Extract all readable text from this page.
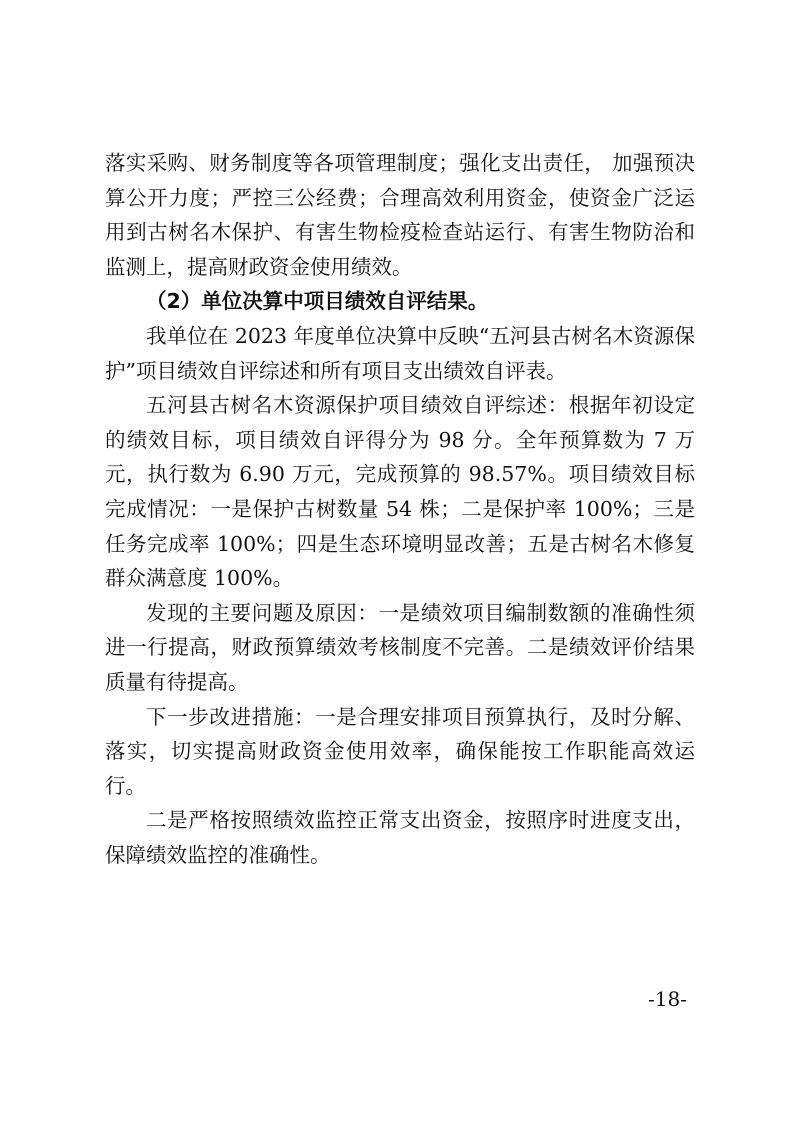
落实采购、财务制度等各项管理制度；强化支出责任， 加强预决算公开力度；严控三公经费；合理高效利用资金，使资金广泛运用到古树名木保护、有害生物检疫检查站运行、有害生物防治和监测上，提高财政资金使用绩效。

（2）单位决算中项目绩效自评结果。

我单位在 2023 年度单位决算中反映“五河县古树名木资源保护”项目绩效自评综述和所有项目支出绩效自评表。

五河县古树名木资源保护项目绩效自评综述：根据年初设定的绩效目标，项目绩效自评得分为 98 分。全年预算数为 7 万元，执行数为 6.90 万元，完成预算的 98.57%。项目绩效目标完成情况：一是保护古树数量 54 株；二是保护率 100%；三是任务完成率 100%；四是生态环境明显改善；五是古树名木修复群众满意度 100%。

发现的主要问题及原因：一是绩效项目编制数额的准确性须进一行提高，财政预算绩效考核制度不完善。二是绩效评价结果质量有待提高。

下一步改进措施：一是合理安排项目预算执行，及时分解、落实，切实提高财政资金使用效率，确保能按工作职能高效运行。

二是严格按照绩效监控正常支出资金，按照序时进度支出，保障绩效监控的准确性。

-18-
